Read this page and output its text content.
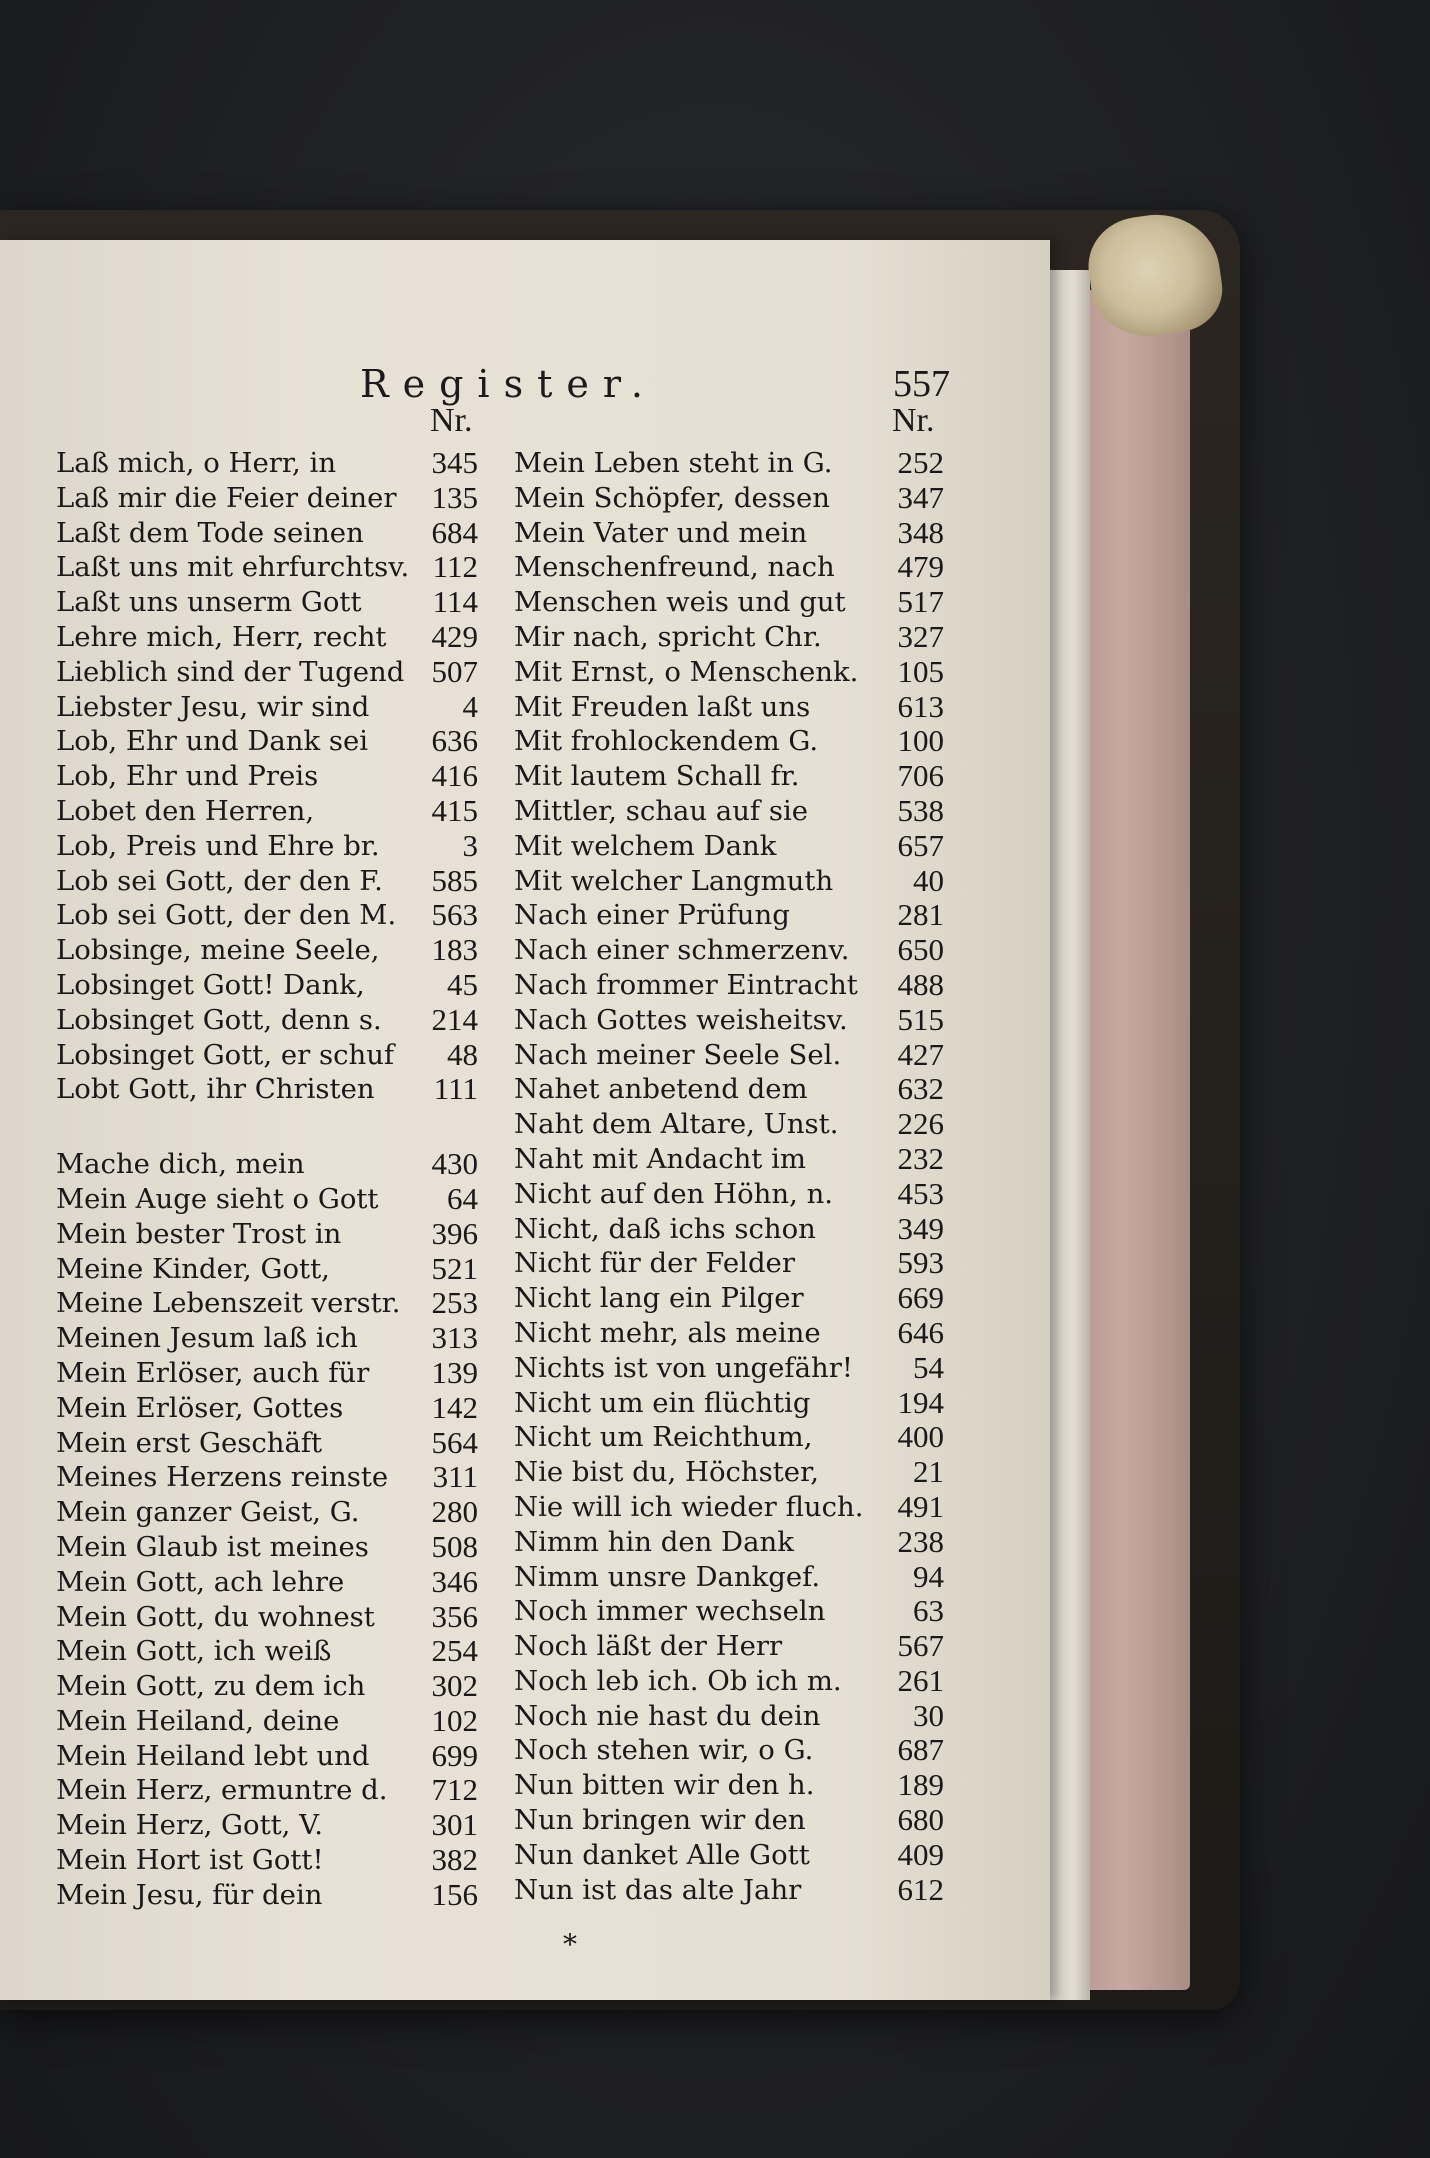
Register.	557
Nr.	Nr.
Laß mich, o Herr, in	345
Laß mir die Feier deiner 135
Laßt dem Tode seinen 684
Laßt uns mit ehrfurchtsv. 112
Laßt uns unserm Gott 114
Lehre mich, Herr, recht 429
Lieblich sind der Tugend 507
Liebster Jesu, wir sind	4
Lob, Ehr und Dank sei 636
Lob, Ehr und Preis	416
Lobet den Herren,	415
Lob, Preis und Ehre br.	3
Lob sei Gott, der den F. 585
Lob sei Gott, der den M. 563
Lobsinge, meine Seele, 183
Lobsinget Gott! Dank,	45
Lobsinget Gott, denn s. 214
Lobsinget Gott, er schuf 48
Lobt Gott, ihr Christen 111
Mache dich, mein	430
Mein Auge sieht o Gott 64
Mein bester Trost in	396
Meine Kinder, Gott,	521
Meine Lebenszeit verstr. 253
Meinen Jesum laß ich 313
Mein Erlöser, auch für 139
Mein Erlöser, Gottes	142
Mein erst Geschäft	564
Meines Herzens reinste 311
Mein ganzer Geist, G. 280
Mein Glaub ist meines 508
Mein Gott, ach lehre	346
Mein Gott, du wohnest 356
Mein Gott, ich weiß	254
Mein Gott, zu dem ich 302
Mein Heiland, deine	102
Mein Heiland lebt und 699
Mein Herz, ermuntre d. 712
Mein Herz, Gott, V.	301
Mein Hort ist Gott!	382
Mein Jesu, für dein	156
Mein Leben steht in G. 252
Mein Schöpfer, dessen 347
Mein Vater und mein	348
Menschenfreund, nach 479
Menschen weis und gut 517
Mir nach, spricht Chr. 327
Mit Ernst, o Menschenk. 105
Mit Freuden laßt uns	613
Mit frohlockendem G.	100
Mit lautem Schall fr.	706
Mittler, schau auf sie	538
Mit welchem Dank	657
Mit welcher Langmuth	40
Nach einer Prüfung	281
Nach einer schmerzenv. 650
Nach frommer Eintracht 488
Nach Gottes weisheitsv. 515
Nach meiner Seele Sel. 427
Nahet anbetend dem	632
Naht dem Altare, Unst. 226
Naht mit Andacht im	232
Nicht auf den Höhn, n. 453
Nicht, daß ichs schon	349
Nicht für der Felder	593
Nicht lang ein Pilger	669
Nicht mehr, als meine 646
Nichts ist von ungefähr! 54
Nicht um ein flüchtig	194
Nicht um Reichthum,	400
Nie bist du, Höchster,	21
Nie will ich wieder fluch. 491
Nimm hin den Dank	238
Nimm unsre Dankgef.	94
Noch immer wechseln	63
Noch läßt der Herr	567
Noch leb ich. Ob ich m. 261
Noch nie hast du dein	30
Noch stehen wir, o G.	687
Nun bitten wir den h.	189
Nun bringen wir den	680
Nun danket Alle Gott	409
Nun ist das alte Jahr	612
*
